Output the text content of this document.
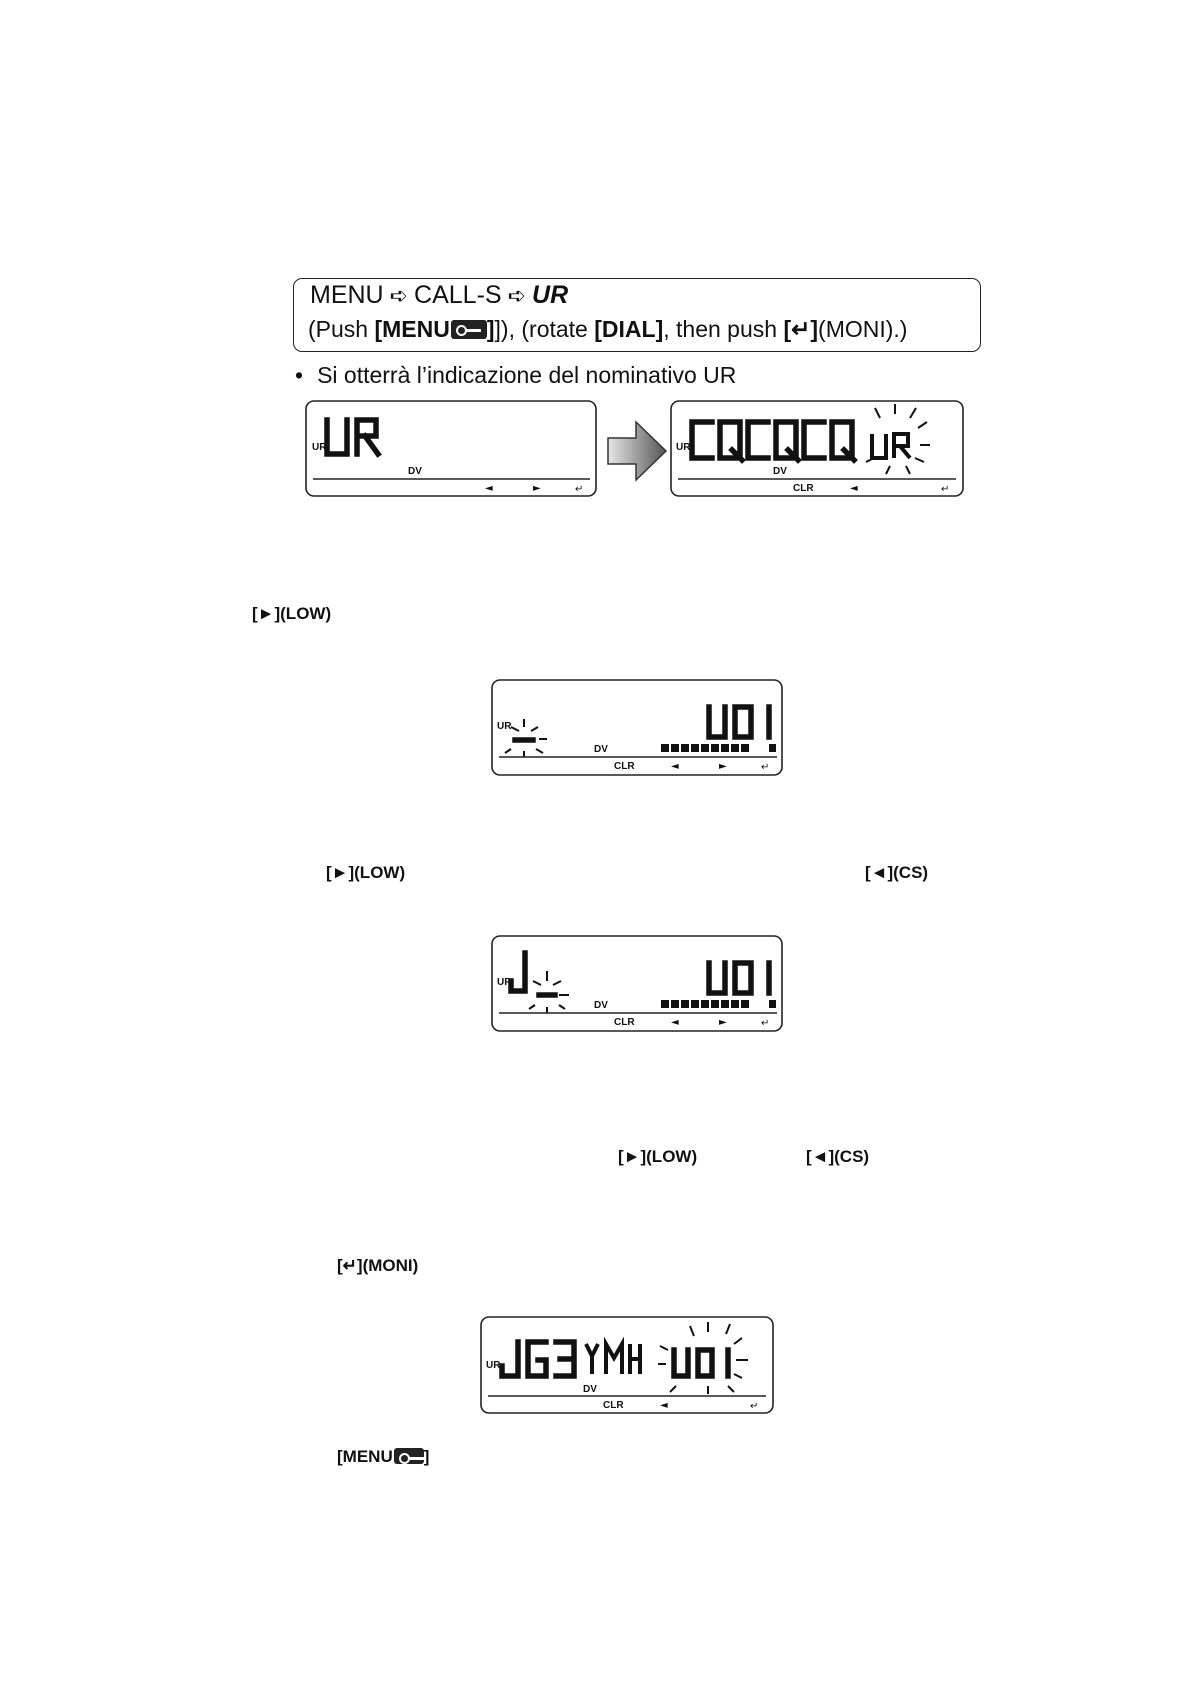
MENU ➪ CALL-S ➪ UR
(Push [MENU ]]), (rotate [DIAL], then push [↵](MONI).)
• Si otterrà l’indicazione del nominativo UR
UR
DV
◄	►	↵
UR
DV
CLR	◄	↵
[►](LOW)
UR
DV
CLR	◄	►	↵
[►](LOW)	[◄](CS)
UR
DV
CLR	◄	►	↵
[►](LOW)	[◄](CS)
[↵](MONI)
UR
DV
CLR	◄	↵
[MENU ]
